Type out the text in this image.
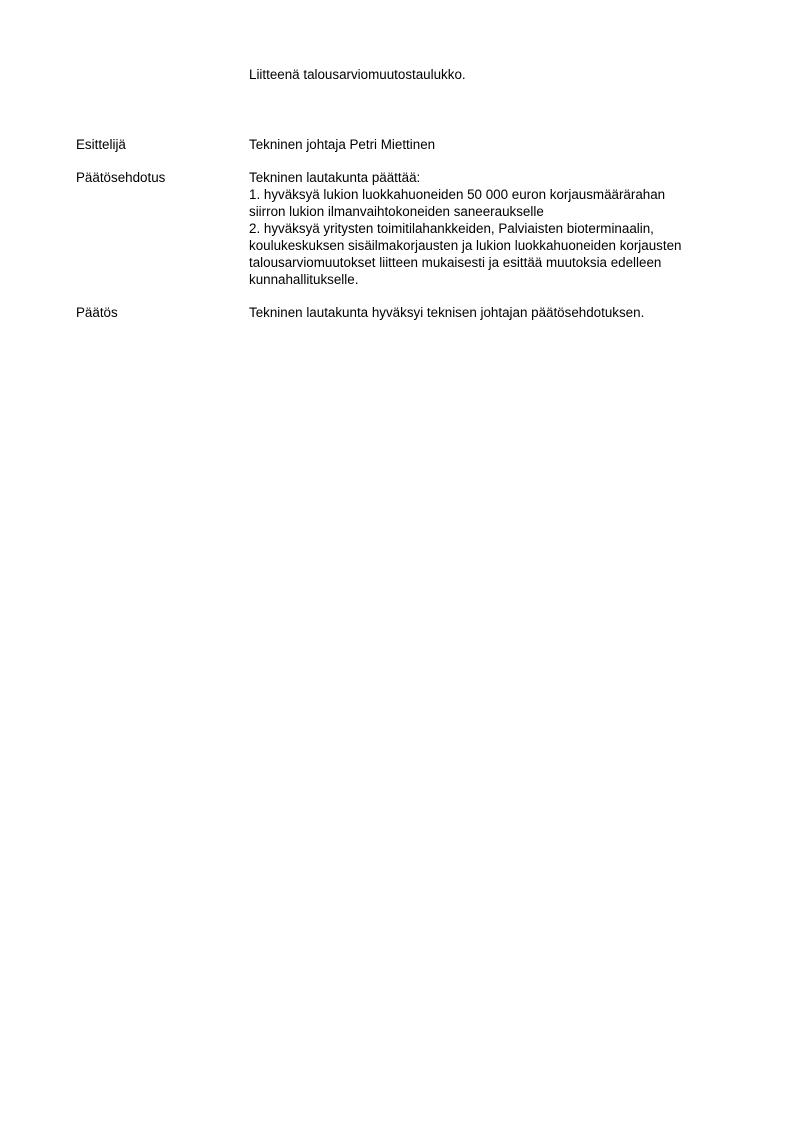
Liitteenä talousarviomuutostaulukko.
Esittelijä	Tekninen johtaja Petri Miettinen
Päätösehdotus	Tekninen lautakunta päättää:
1. hyväksyä lukion luokkahuoneiden 50 000 euron korjausmäärärahan
siirron lukion ilmanvaihtokoneiden saneeraukselle
2. hyväksyä yritysten toimitilahankkeiden, Palviaisten bioterminaalin,
koulukeskuksen sisäilmakorjausten ja lukion luokkahuoneiden korjausten
talousarviomuutokset liitteen mukaisesti ja esittää muutoksia edelleen
kunnahallitukselle.
Päätös	Tekninen lautakunta hyväksyi teknisen johtajan päätösehdotuksen.
